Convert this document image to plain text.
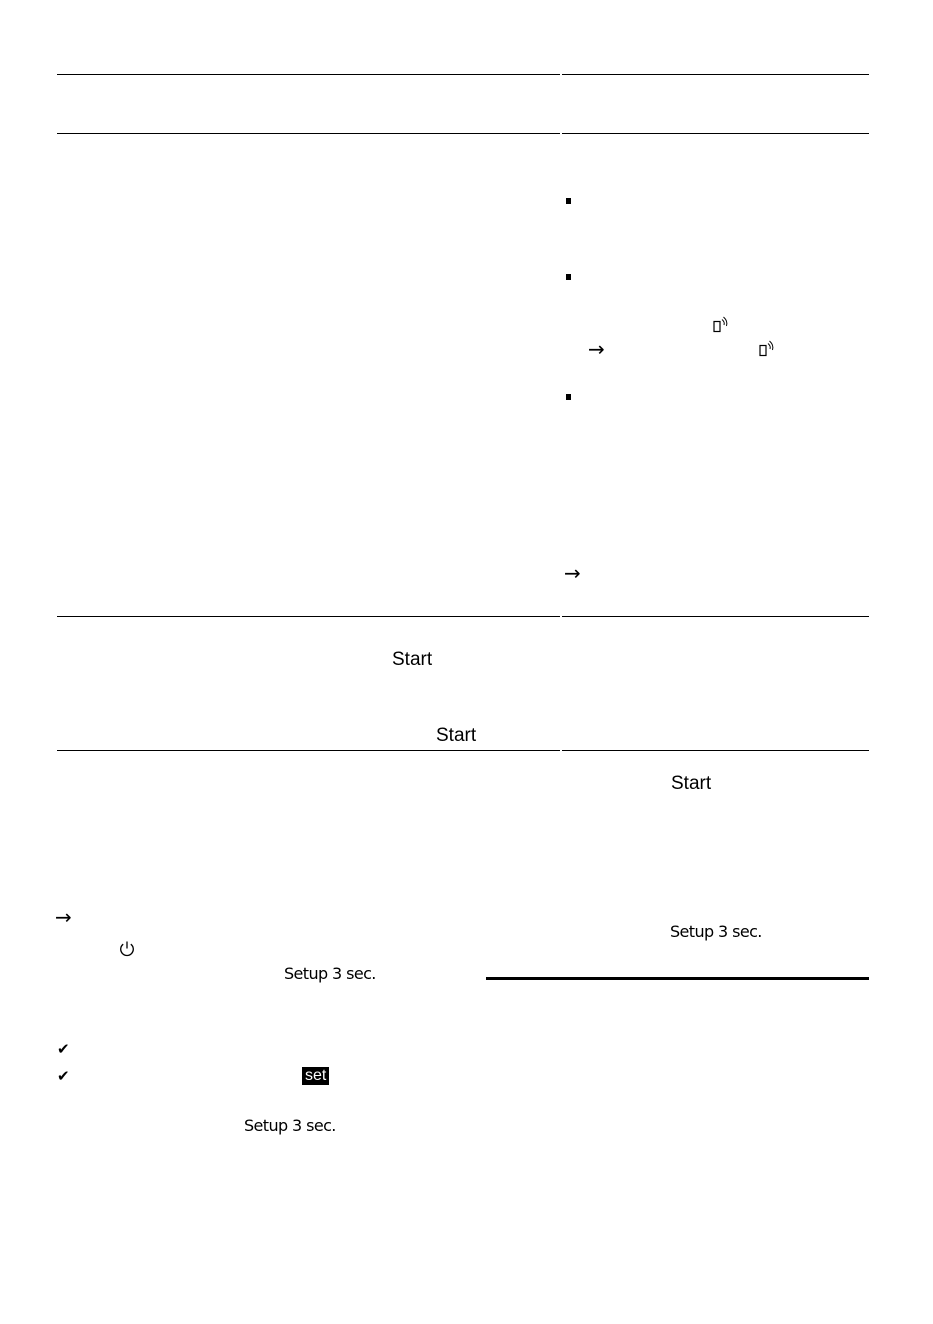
→
→
Start
Start
Start
Setup 3 sec.
→
Setup 3 sec.
✔
✔	set
Setup 3 sec.
